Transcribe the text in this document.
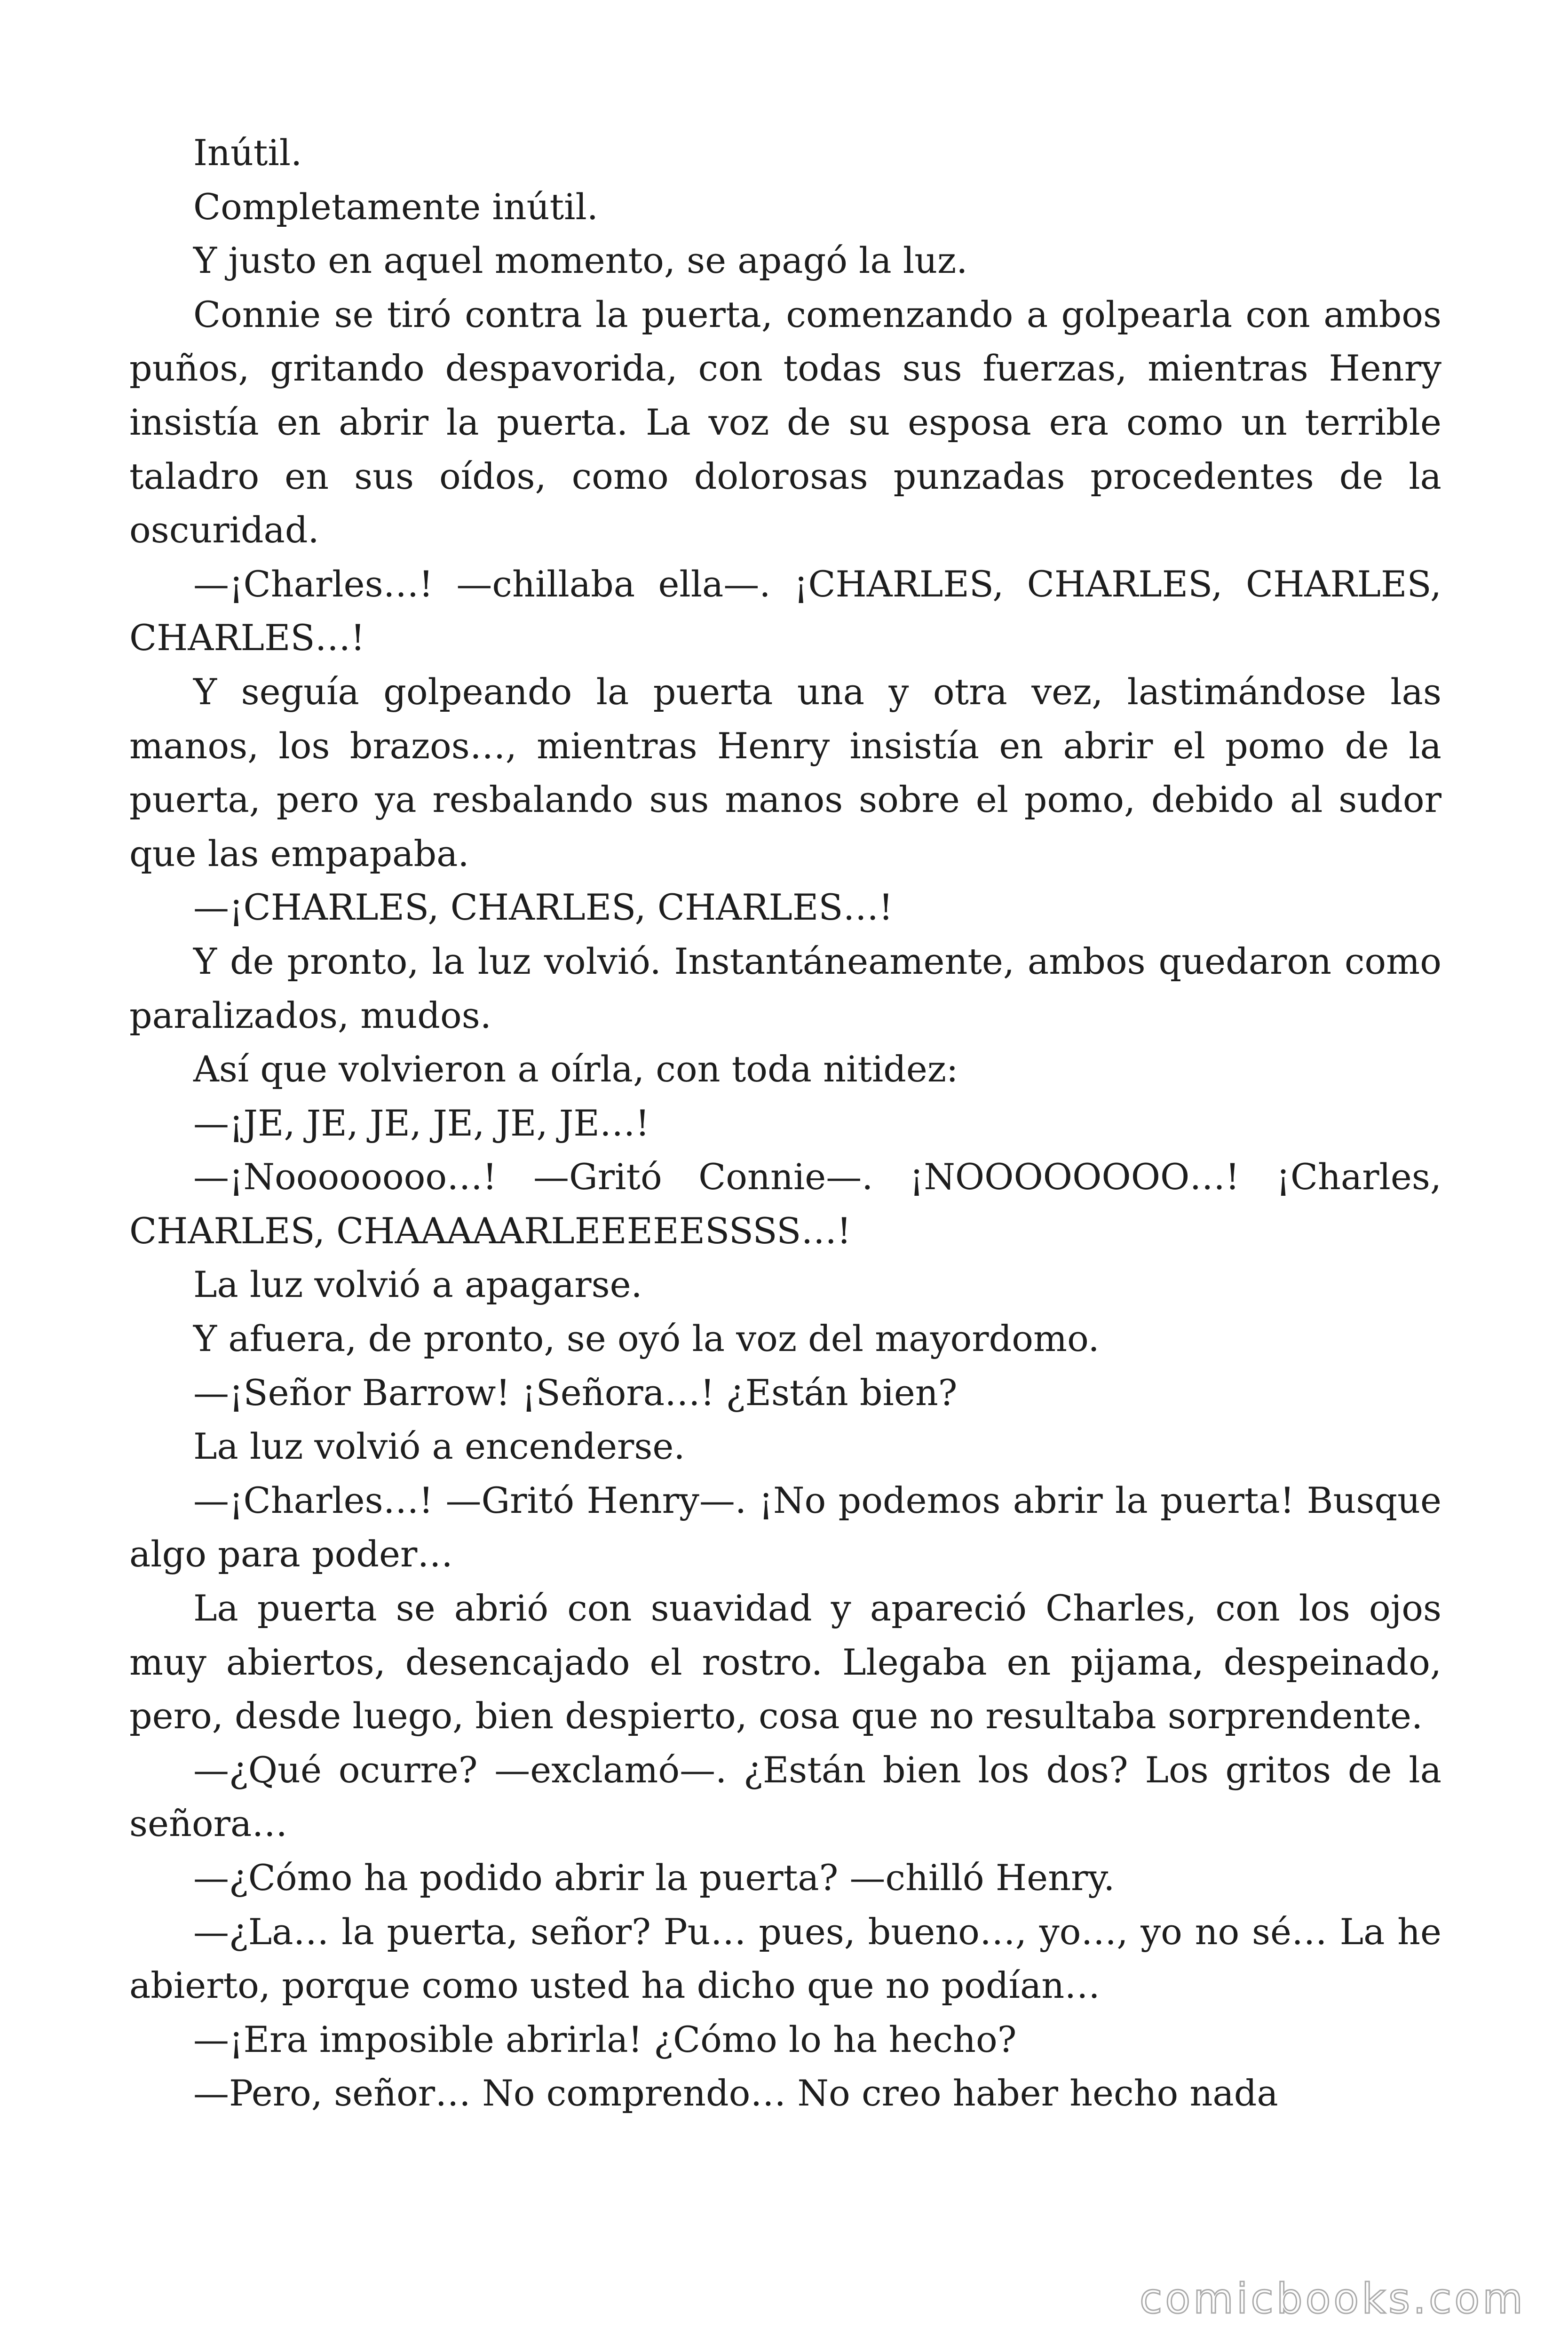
Inútil.

Completamente inútil.

Y justo en aquel momento, se apagó la luz.

Connie se tiró contra la puerta, comenzando a golpearla con ambos puños, gritando despavorida, con todas sus fuerzas, mientras Henry insistía en abrir la puerta. La voz de su esposa era como un terrible taladro en sus oídos, como dolorosas punzadas procedentes de la oscuridad.

—¡Charles…! —chillaba ella—. ¡CHARLES, CHARLES, CHARLES, CHARLES…!

Y seguía golpeando la puerta una y otra vez, lastimándose las manos, los brazos…, mientras Henry insistía en abrir el pomo de la puerta, pero ya resbalando sus manos sobre el pomo, debido al sudor que las empapaba.

—¡CHARLES, CHARLES, CHARLES…!

Y de pronto, la luz volvió. Instantáneamente, ambos quedaron como paralizados, mudos.

Así que volvieron a oírla, con toda nitidez:

—¡JE, JE, JE, JE, JE, JE…!

—¡Noooooooo…! —Gritó Connie—. ¡NOOOOOOOO…! ¡Charles, CHARLES, CHAAAAARLEEEEESSSS…!

La luz volvió a apagarse.

Y afuera, de pronto, se oyó la voz del mayordomo.

—¡Señor Barrow! ¡Señora…! ¿Están bien?

La luz volvió a encenderse.

—¡Charles…! —Gritó Henry—. ¡No podemos abrir la puerta! Busque algo para poder…

La puerta se abrió con suavidad y apareció Charles, con los ojos muy abiertos, desencajado el rostro. Llegaba en pijama, despeinado, pero, desde luego, bien despierto, cosa que no resultaba sorprendente.

—¿Qué ocurre? —exclamó—. ¿Están bien los dos? Los gritos de la señora…

—¿Cómo ha podido abrir la puerta? —chilló Henry.

—¿La… la puerta, señor? Pu… pues, bueno…, yo…, yo no sé… La he abierto, porque como usted ha dicho que no podían…

—¡Era imposible abrirla! ¿Cómo lo ha hecho?

—Pero, señor… No comprendo… No creo haber hecho nada

comicbooks.com
